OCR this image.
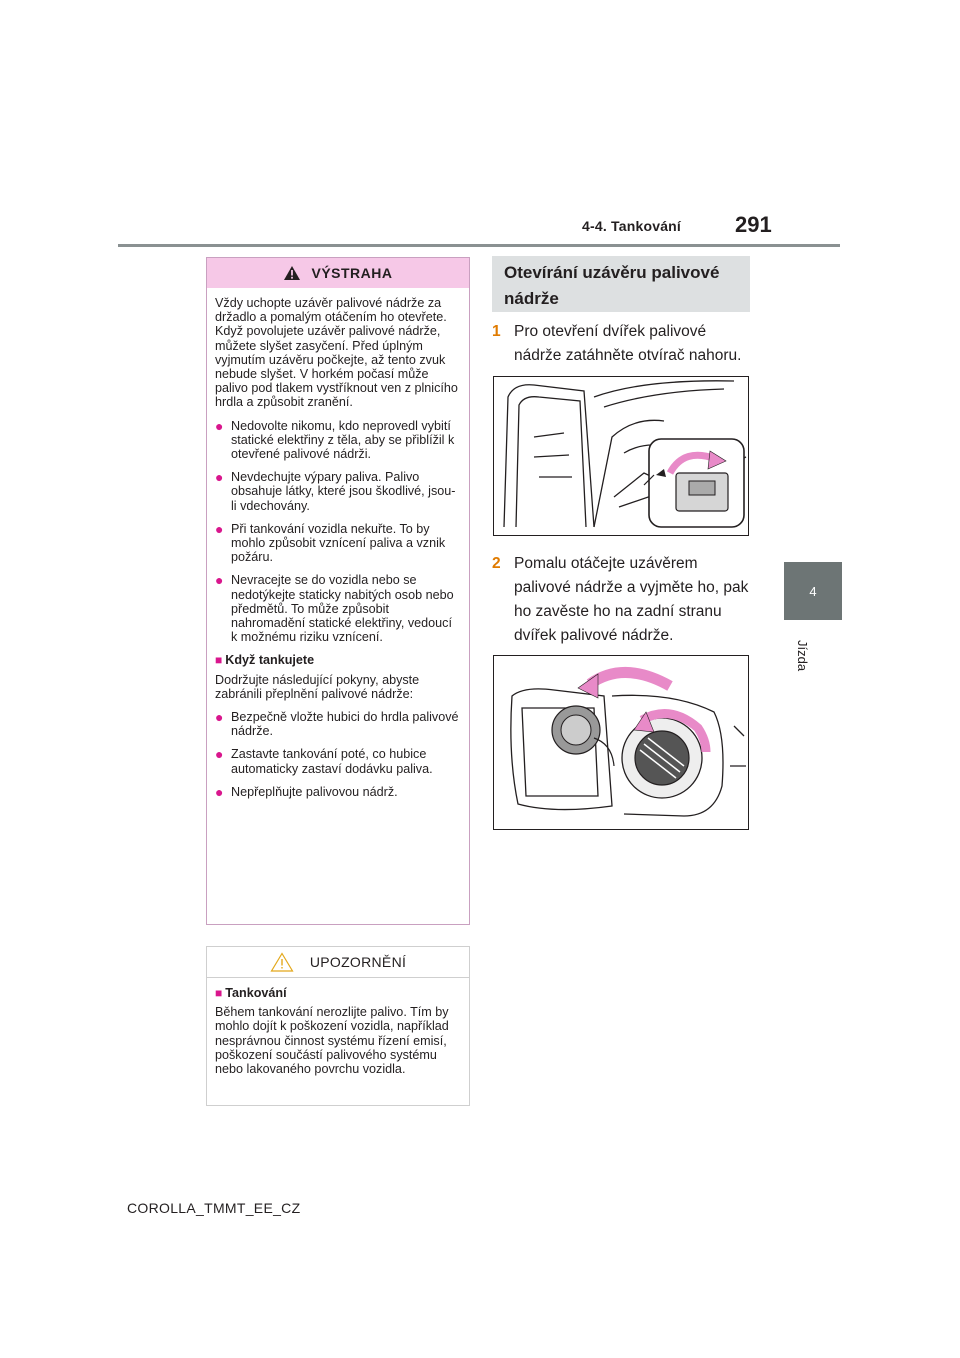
4-4. Tankování 291
4
Jízda
VÝSTRAHA

Vždy uchopte uzávěr palivové nádrže za držadlo a pomalým otáčením ho otevřete.
Když povolujete uzávěr palivové nádrže, můžete slyšet zasyčení. Před úplným vyjmutím uzávěru počkejte, až tento zvuk nebude slyšet. V horkém počasí může palivo pod tlakem vystříknout ven z plnicího hrdla a způsobit zranění.

● Nedovolte nikomu, kdo neprovedl vybití statické elektřiny z těla, aby se přiblížil k otevřené palivové nádrži.
● Nevdechujte výpary paliva. Palivo obsahuje látky, které jsou škodlivé, jsou-li vdechovány.
● Při tankování vozidla nekuřte. To by mohlo způsobit vznícení paliva a vznik požáru.
● Nevracejte se do vozidla nebo se nedotýkejte staticky nabitých osob nebo předmětů. To může způsobit nahromadění statické elektřiny, vedoucí k možnému riziku vznícení.
■ Když tankujete

Dodržujte následující pokyny, abyste zabránili přeplnění palivové nádrže:

● Bezpečně vložte hubici do hrdla palivové nádrže.
● Zastavte tankování poté, co hubice automaticky zastaví dodávku paliva.
● Nepřeplňujte palivovou nádrž.
UPOZORNĚNÍ
■ Tankování

Během tankování nerozlijte palivo. Tím by mohlo dojít k poškození vozidla, například nesprávnou činnost systému řízení emisí, poškození součástí palivového systému nebo lakovaného povrchu vozidla.

Otevírání uzávěru palivové nádrže
1 Pro otevření dvířek palivové nádrže zatáhněte otvírač nahoru.
2 Pomalu otáčejte uzávěrem palivové nádrže a vyjměte ho, pak ho zavěste ho na zadní stranu dvířek palivové nádrže.
COROLLA_TMMT_EE_CZ
